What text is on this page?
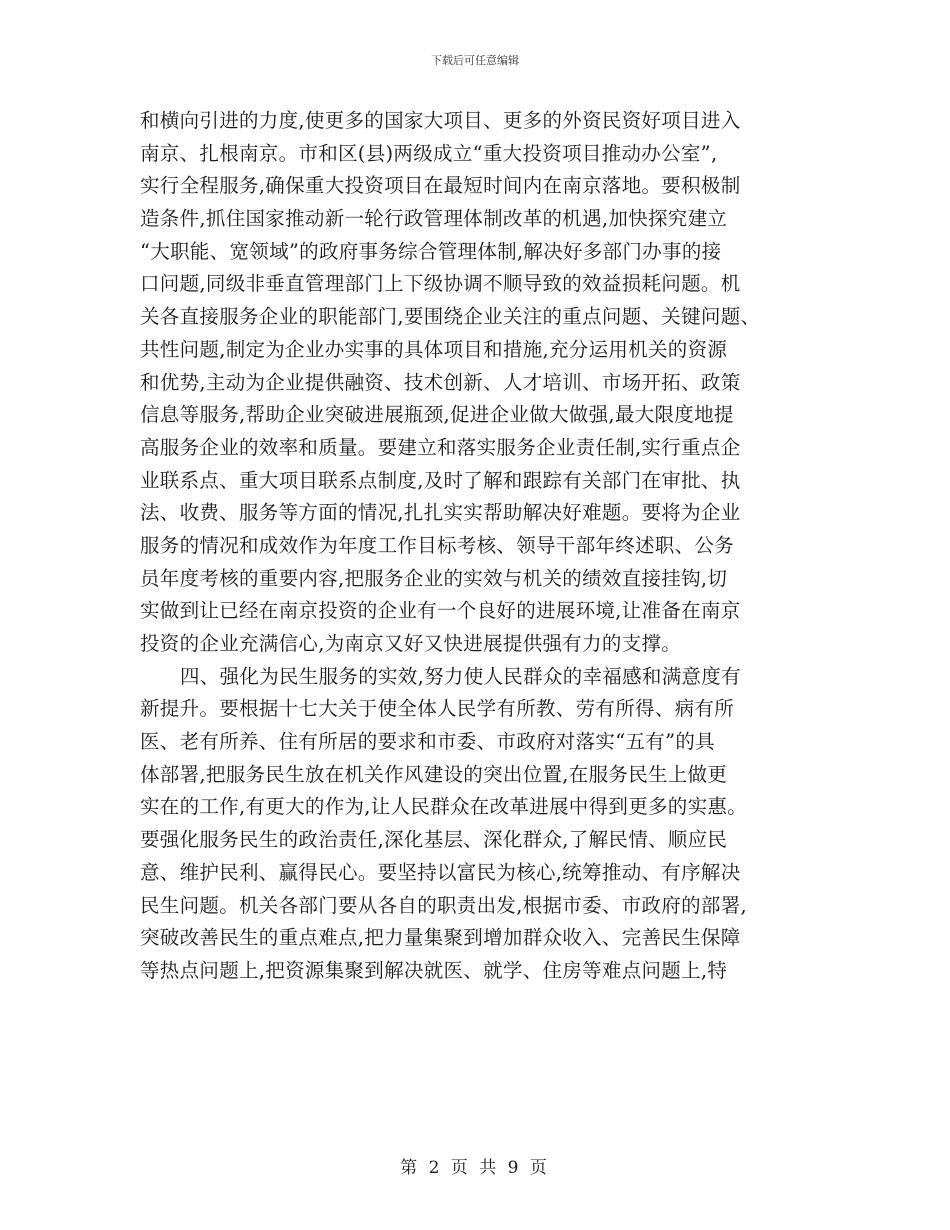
下载后可任意编辑
和横向引进的力度,使更多的国家大项目、更多的外资民资好项目进入
南京、扎根南京。市和区(县)两级成立“重大投资项目推动办公室”,
实行全程服务,确保重大投资项目在最短时间内在南京落地。要积极制
造条件,抓住国家推动新一轮行政管理体制改革的机遇,加快探究建立
“大职能、宽领域”的政府事务综合管理体制,解决好多部门办事的接
口问题,同级非垂直管理部门上下级协调不顺导致的效益损耗问题。机
关各直接服务企业的职能部门,要围绕企业关注的重点问题、关键问题、
共性问题,制定为企业办实事的具体项目和措施,充分运用机关的资源
和优势,主动为企业提供融资、技术创新、人才培训、市场开拓、政策
信息等服务,帮助企业突破进展瓶颈,促进企业做大做强,最大限度地提
高服务企业的效率和质量。要建立和落实服务企业责任制,实行重点企
业联系点、重大项目联系点制度,及时了解和跟踪有关部门在审批、执
法、收费、服务等方面的情况,扎扎实实帮助解决好难题。要将为企业
服务的情况和成效作为年度工作目标考核、领导干部年终述职、公务
员年度考核的重要内容,把服务企业的实效与机关的绩效直接挂钩,切
实做到让已经在南京投资的企业有一个良好的进展环境,让准备在南京
投资的企业充满信心,为南京又好又快进展提供强有力的支撑。
四、强化为民生服务的实效,努力使人民群众的幸福感和满意度有
新提升。要根据十七大关于使全体人民学有所教、劳有所得、病有所
医、老有所养、住有所居的要求和市委、市政府对落实“五有”的具
体部署,把服务民生放在机关作风建设的突出位置,在服务民生上做更
实在的工作,有更大的作为,让人民群众在改革进展中得到更多的实惠。
要强化服务民生的政治责任,深化基层、深化群众,了解民情、顺应民
意、维护民利、赢得民心。要坚持以富民为核心,统筹推动、有序解决
民生问题。机关各部门要从各自的职责出发,根据市委、市政府的部署,
突破改善民生的重点难点,把力量集聚到增加群众收入、完善民生保障
等热点问题上,把资源集聚到解决就医、就学、住房等难点问题上,特
第 2 页 共 9 页
